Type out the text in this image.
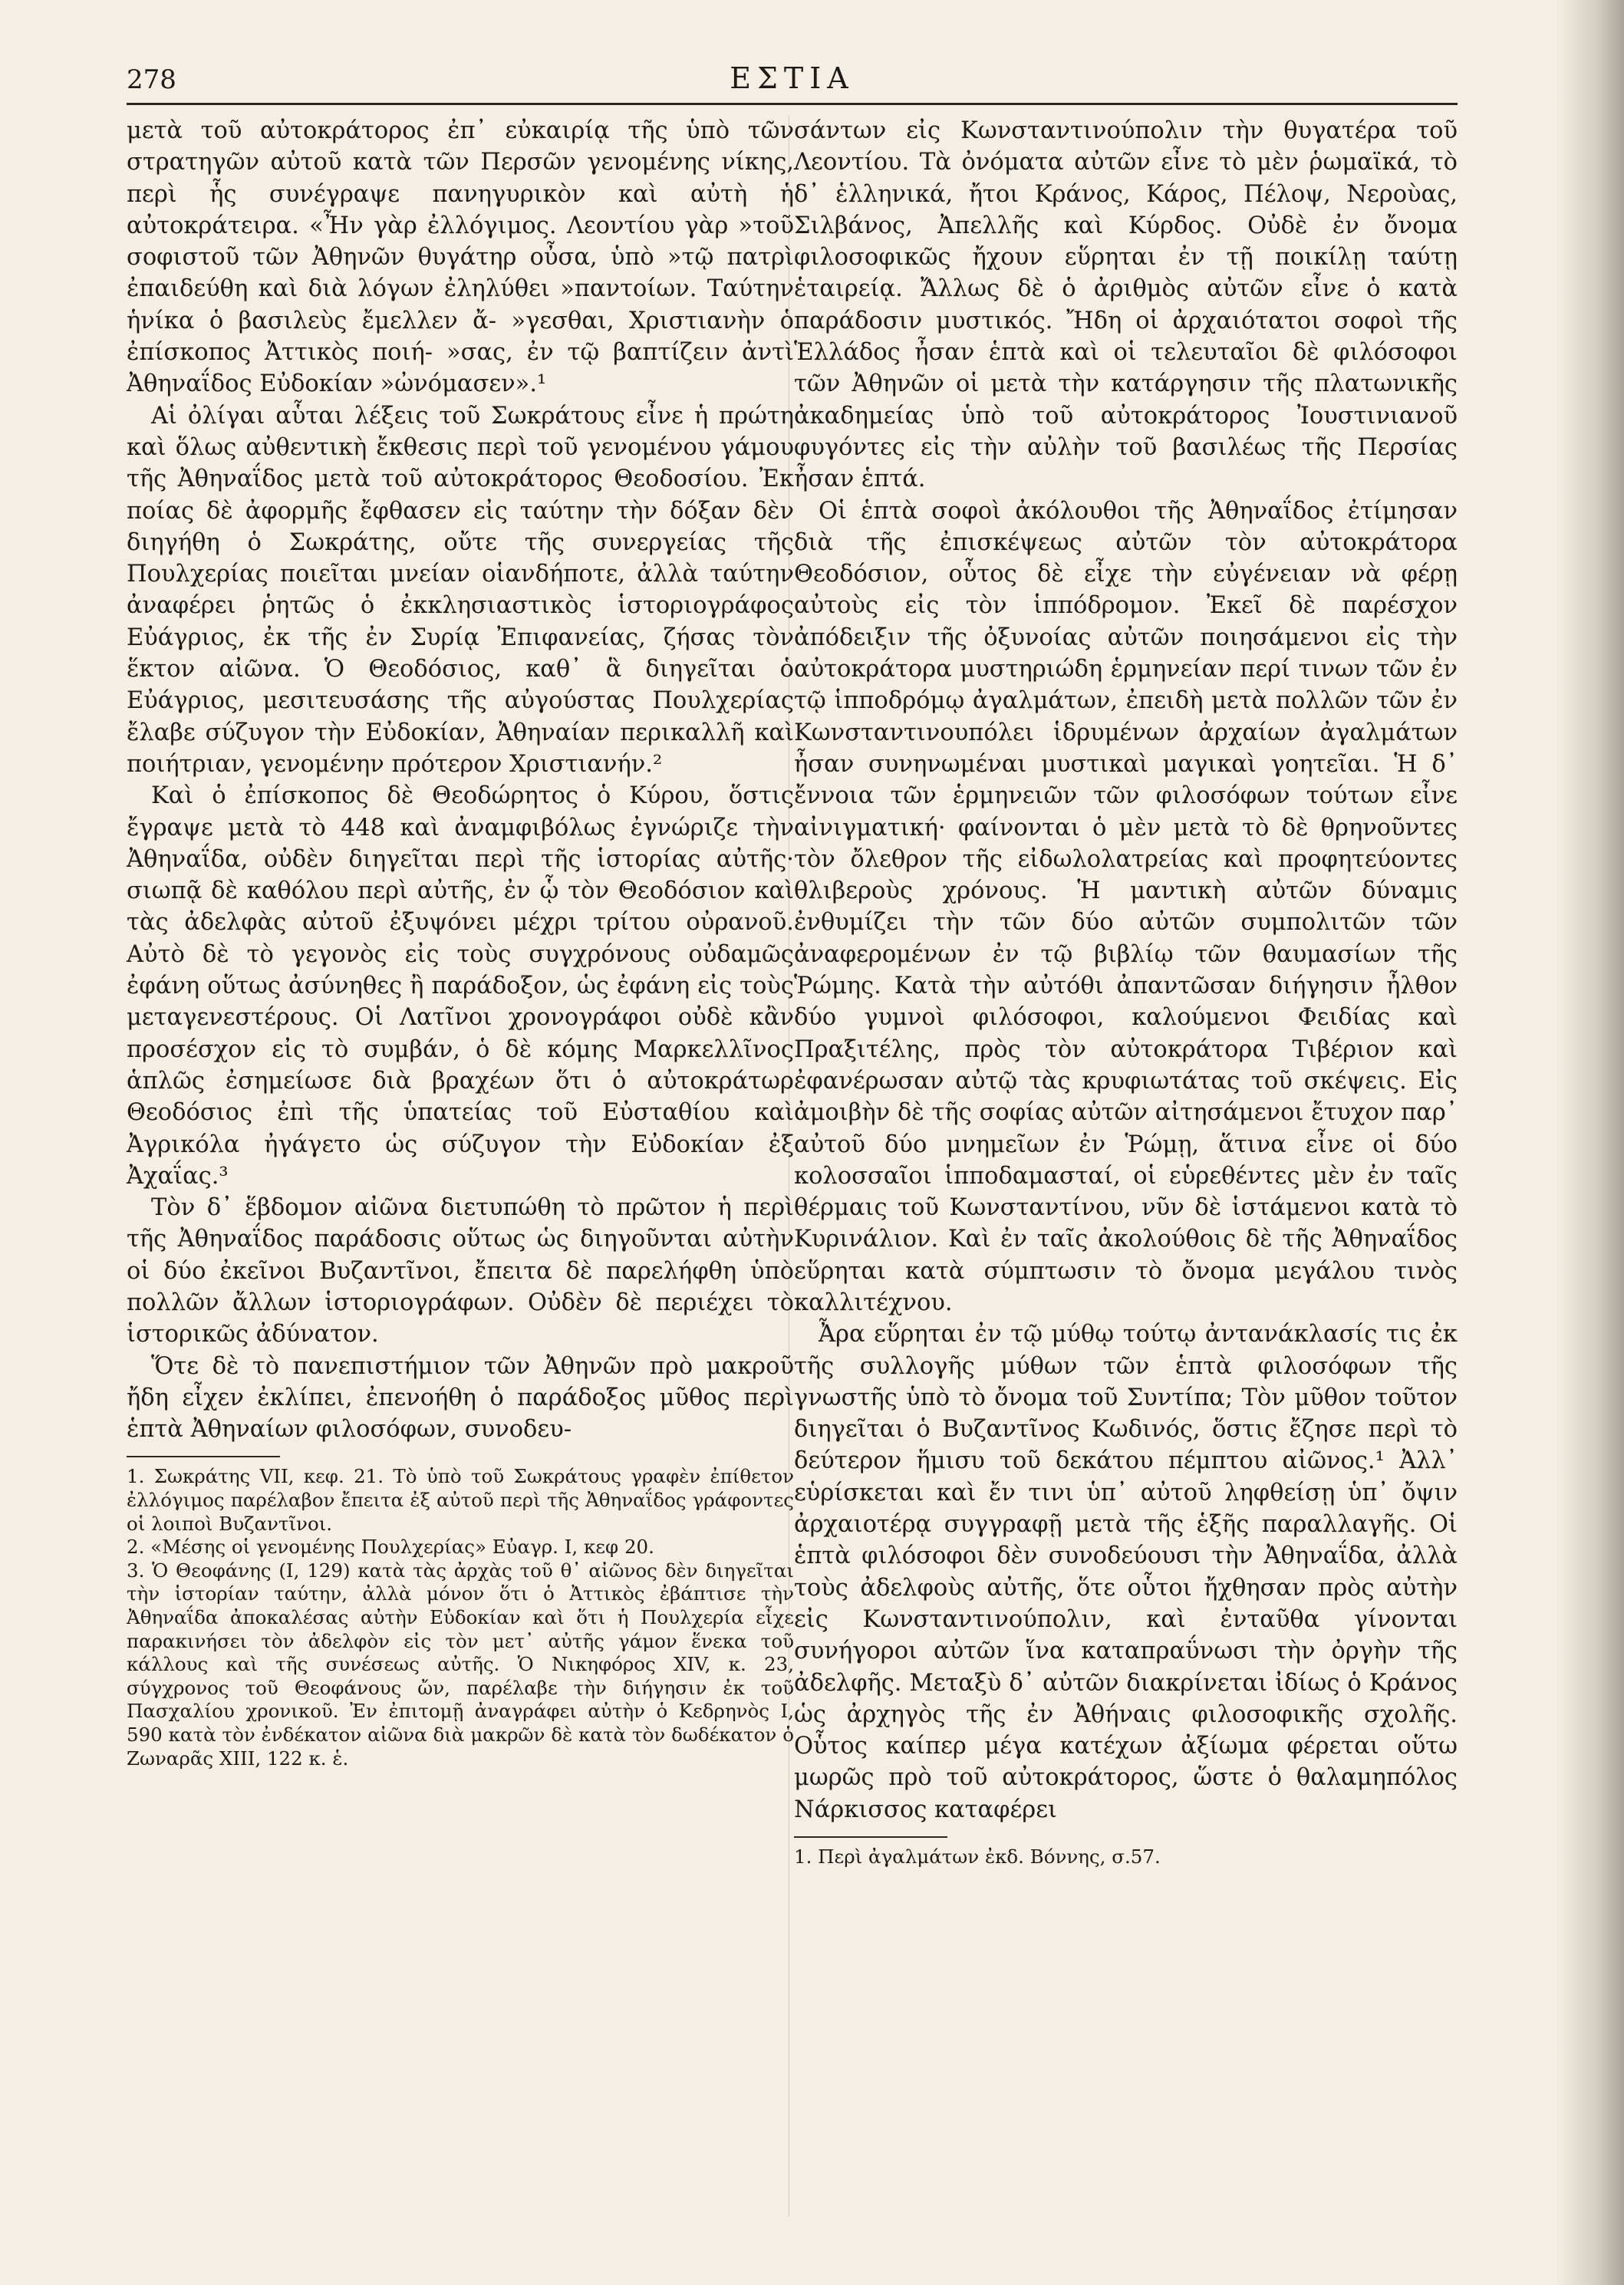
278	ΕΣΤΙΑ

μετὰ τοῦ αὐτοκράτορος ἐπ᾽ εὐκαιρίᾳ τῆς ὑπὸ τῶν στρατηγῶν αὐτοῦ κατὰ τῶν Περσῶν γενομένης νίκης, περὶ ἧς συνέγραψε πανηγυρικὸν καὶ αὐτὴ ἡ αὐτοκράτειρα. «Ἦν γὰρ ἐλλόγιμος. Λεοντίου γὰρ »τοῦ σοφιστοῦ τῶν Ἀθηνῶν θυγάτηρ οὖσα, ὑπὸ »τῷ πατρὶ ἐπαιδεύθη καὶ διὰ λόγων ἐληλύθει »παντοίων. Ταύτην ἡνίκα ὁ βασιλεὺς ἔμελλεν ἄ- »γεσθαι, Χριστιανὴν ὁ ἐπίσκοπος Ἀττικὸς ποιή- »σας, ἐν τῷ βαπτίζειν ἀντὶ Ἀθηναΐδος Εὐδοκίαν »ὠνόμασεν».¹

Αἱ ὀλίγαι αὗται λέξεις τοῦ Σωκράτους εἶνε ἡ πρώτη καὶ ὅλως αὐθεντικὴ ἔκθεσις περὶ τοῦ γενομένου γάμου τῆς Ἀθηναΐδος μετὰ τοῦ αὐτοκράτορος Θεοδοσίου. Ἐκ ποίας δὲ ἀφορμῆς ἔφθασεν εἰς ταύτην τὴν δόξαν δὲν διηγήθη ὁ Σωκράτης, οὔτε τῆς συνεργείας τῆς Πουλχερίας ποιεῖται μνείαν οἱανδήποτε, ἀλλὰ ταύτην ἀναφέρει ῥητῶς ὁ ἐκκλησιαστικὸς ἱστοριογράφος Εὐάγριος, ἐκ τῆς ἐν Συρίᾳ Ἐπιφανείας, ζήσας τὸν ἕκτον αἰῶνα. Ὁ Θεοδόσιος, καθ᾽ ἃ διηγεῖται ὁ Εὐάγριος, μεσιτευσάσης τῆς αὐγούστας Πουλχερίας ἔλαβε σύζυγον τὴν Εὐδοκίαν, Ἀθηναίαν περικαλλῆ καὶ ποιήτριαν, γενομένην πρότερον Χριστιανήν.²

Καὶ ὁ ἐπίσκοπος δὲ Θεοδώρητος ὁ Κύρου, ὅστις ἔγραψε μετὰ τὸ 448 καὶ ἀναμφιβόλως ἐγνώριζε τὴν Ἀθηναΐδα, οὐδὲν διηγεῖται περὶ τῆς ἱστορίας αὐτῆς· σιωπᾷ δὲ καθόλου περὶ αὐτῆς, ἐν ᾧ τὸν Θεοδόσιον καὶ τὰς ἀδελφὰς αὐτοῦ ἐξυψόνει μέχρι τρίτου οὐρανοῦ. Αὐτὸ δὲ τὸ γεγονὸς εἰς τοὺς συγχρόνους οὐδαμῶς ἐφάνη οὕτως ἀσύνηθες ἢ παράδοξον, ὡς ἐφάνη εἰς τοὺς μεταγενεστέρους. Οἱ Λατῖνοι χρονογράφοι οὐδὲ κἂν προσέσχον εἰς τὸ συμβάν, ὁ δὲ κόμης Μαρκελλῖνος ἁπλῶς ἐσημείωσε διὰ βραχέων ὅτι ὁ αὐτοκράτωρ Θεοδόσιος ἐπὶ τῆς ὑπατείας τοῦ Εὐσταθίου καὶ Ἀγρικόλα ἠγάγετο ὡς σύζυγον τὴν Εὐδοκίαν ἐξ Ἀχαΐας.³

Τὸν δ᾽ ἕβδομον αἰῶνα διετυπώθη τὸ πρῶτον ἡ περὶ τῆς Ἀθηναΐδος παράδοσις οὕτως ὡς διηγοῦνται αὐτὴν οἱ δύο ἐκεῖνοι Βυζαντῖνοι, ἔπειτα δὲ παρελήφθη ὑπὸ πολλῶν ἄλλων ἱστοριογράφων. Οὐδὲν δὲ περιέχει τὸ ἱστορικῶς ἀδύνατον.

Ὅτε δὲ τὸ πανεπιστήμιον τῶν Ἀθηνῶν πρὸ μακροῦ ἤδη εἶχεν ἐκλίπει, ἐπενοήθη ὁ παράδοξος μῦθος περὶ ἑπτὰ Ἀθηναίων φιλοσόφων, συνοδευ-

1. Σωκράτης VII, κεφ. 21. Τὸ ὑπὸ τοῦ Σωκράτους γραφὲν ἐπίθετον ἐλλόγιμος παρέλαβον ἔπειτα ἐξ αὐτοῦ περὶ τῆς Ἀθηναΐδος γράφοντες οἱ λοιποὶ Βυζαντῖνοι.

2. «Μέσης οἱ γενομένης Πουλχερίας» Εὐαγρ. I, κεφ 20.

3. Ὁ Θεοφάνης (I, 129) κατὰ τὰς ἀρχὰς τοῦ θ᾽ αἰῶνος δὲν διηγεῖται τὴν ἱστορίαν ταύτην, ἀλλὰ μόνον ὅτι ὁ Ἀττικὸς ἐβάπτισε τὴν Ἀθηναΐδα ἀποκαλέσας αὐτὴν Εὐδοκίαν καὶ ὅτι ἡ Πουλχερία εἶχε παρακινήσει τὸν ἀδελφὸν εἰς τὸν μετ᾽ αὐτῆς γάμον ἕνεκα τοῦ κάλλους καὶ τῆς συνέσεως αὐτῆς. Ὁ Νικηφόρος XIV, κ. 23, σύγχρονος τοῦ Θεοφάνους ὤν, παρέλαβε τὴν διήγησιν ἐκ τοῦ Πασχαλίου χρονικοῦ. Ἐν ἐπιτομῇ ἀναγράφει αὐτὴν ὁ Κεδρηνὸς I, 590 κατὰ τὸν ἐνδέκατον αἰῶνα διὰ μακρῶν δὲ κατὰ τὸν δωδέκατον ὁ Ζωναρᾶς XIII, 122 κ. ἑ.

σάντων εἰς Κωνσταντινούπολιν τὴν θυγατέρα τοῦ Λεοντίου. Τὰ ὀνόματα αὐτῶν εἶνε τὸ μὲν ῥωμαϊκά, τὸ δ᾽ ἑλληνικά, ἤτοι Κράνος, Κάρος, Πέλοψ, Νεροὺας, Σιλβάνος, Ἀπελλῆς καὶ Κύρδος. Οὐδὲ ἐν ὄνομα φιλοσοφικῶς ἤχουν εὕρηται ἐν τῇ ποικίλῃ ταύτῃ ἑταιρείᾳ. Ἄλλως δὲ ὁ ἀριθμὸς αὐτῶν εἶνε ὁ κατὰ παράδοσιν μυστικός. Ἤδη οἱ ἀρχαιότατοι σοφοὶ τῆς Ἑλλάδος ἦσαν ἑπτὰ καὶ οἱ τελευταῖοι δὲ φιλόσοφοι τῶν Ἀθηνῶν οἱ μετὰ τὴν κατάργησιν τῆς πλατωνικῆς ἀκαδημείας ὑπὸ τοῦ αὐτοκράτορος Ἰουστινιανοῦ φυγόντες εἰς τὴν αὐλὴν τοῦ βασιλέως τῆς Περσίας ἦσαν ἑπτά.

Οἱ ἑπτὰ σοφοὶ ἀκόλουθοι τῆς Ἀθηναΐδος ἐτίμησαν διὰ τῆς ἐπισκέψεως αὐτῶν τὸν αὐτοκράτορα Θεοδόσιον, οὗτος δὲ εἶχε τὴν εὐγένειαν νὰ φέρῃ αὐτοὺς εἰς τὸν ἱππόδρομον. Ἐκεῖ δὲ παρέσχον ἀπόδειξιν τῆς ὀξυνοίας αὐτῶν ποιησάμενοι εἰς τὴν αὐτοκράτορα μυστηριώδη ἑρμηνείαν περί τινων τῶν ἐν τῷ ἱπποδρόμῳ ἀγαλμάτων, ἐπειδὴ μετὰ πολλῶν τῶν ἐν Κωνσταντινουπόλει ἱδρυμένων ἀρχαίων ἀγαλμάτων ἦσαν συνηνωμέναι μυστικαὶ μαγικαὶ γοητεῖαι. Ἡ δ᾽ ἔννοια τῶν ἑρμηνειῶν τῶν φιλοσόφων τούτων εἶνε αἰνιγματική· φαίνονται ὁ μὲν μετὰ τὸ δὲ θρηνοῦντες τὸν ὄλεθρον τῆς εἰδωλολατρείας καὶ προφητεύοντες θλιβεροὺς χρόνους. Ἡ μαντικὴ αὐτῶν δύναμις ἐνθυμίζει τὴν τῶν δύο αὐτῶν συμπολιτῶν τῶν ἀναφερομένων ἐν τῷ βιβλίῳ τῶν θαυμασίων τῆς Ῥώμης. Κατὰ τὴν αὐτόθι ἀπαντῶσαν διήγησιν ἦλθον δύο γυμνοὶ φιλόσοφοι, καλούμενοι Φειδίας καὶ Πραξιτέλης, πρὸς τὸν αὐτοκράτορα Τιβέριον καὶ ἐφανέρωσαν αὐτῷ τὰς κρυφιωτάτας τοῦ σκέψεις. Εἰς ἀμοιβὴν δὲ τῆς σοφίας αὐτῶν αἰτησάμενοι ἔτυχον παρ᾽ αὐτοῦ δύο μνημεῖων ἐν Ῥώμῃ, ἅτινα εἶνε οἱ δύο κολοσσαῖοι ἱπποδαμασταί, οἱ εὑρεθέντες μὲν ἐν ταῖς θέρμαις τοῦ Κωνσταντίνου, νῦν δὲ ἱστάμενοι κατὰ τὸ Κυρινάλιον. Καὶ ἐν ταῖς ἀκολούθοις δὲ τῆς Ἀθηναΐδος εὕρηται κατὰ σύμπτωσιν τὸ ὄνομα μεγάλου τινὸς καλλιτέχνου.

Ἆρα εὕρηται ἐν τῷ μύθῳ τούτῳ ἀντανάκλασίς τις ἐκ τῆς συλλογῆς μύθων τῶν ἑπτὰ φιλοσόφων τῆς γνωστῆς ὑπὸ τὸ ὄνομα τοῦ Συντίπα; Τὸν μῦθον τοῦτον διηγεῖται ὁ Βυζαντῖνος Κωδινός, ὅστις ἔζησε περὶ τὸ δεύτερον ἥμισυ τοῦ δεκάτου πέμπτου αἰῶνος.¹ Ἀλλ᾽ εὑρίσκεται καὶ ἔν τινι ὑπ᾽ αὐτοῦ ληφθείσῃ ὑπ᾽ ὄψιν ἀρχαιοτέρᾳ συγγραφῇ μετὰ τῆς ἑξῆς παραλλαγῆς. Οἱ ἑπτὰ φιλόσοφοι δὲν συνοδεύουσι τὴν Ἀθηναΐδα, ἀλλὰ τοὺς ἀδελφοὺς αὐτῆς, ὅτε οὗτοι ἤχθησαν πρὸς αὐτὴν εἰς Κωνσταντινούπολιν, καὶ ἐνταῦθα γίνονται συνήγοροι αὐτῶν ἵνα καταπραΰνωσι τὴν ὀργὴν τῆς ἀδελφῆς. Μεταξὺ δ᾽ αὐτῶν διακρίνεται ἰδίως ὁ Κράνος ὡς ἀρχηγὸς τῆς ἐν Ἀθήναις φιλοσοφικῆς σχολῆς. Οὗτος καίπερ μέγα κατέχων ἀξίωμα φέρεται οὕτω μωρῶς πρὸ τοῦ αὐτοκράτορος, ὥστε ὁ θαλαμηπόλος Νάρκισσος καταφέρει

1. Περὶ ἀγαλμάτων ἐκδ. Βόννης, σ.57.
